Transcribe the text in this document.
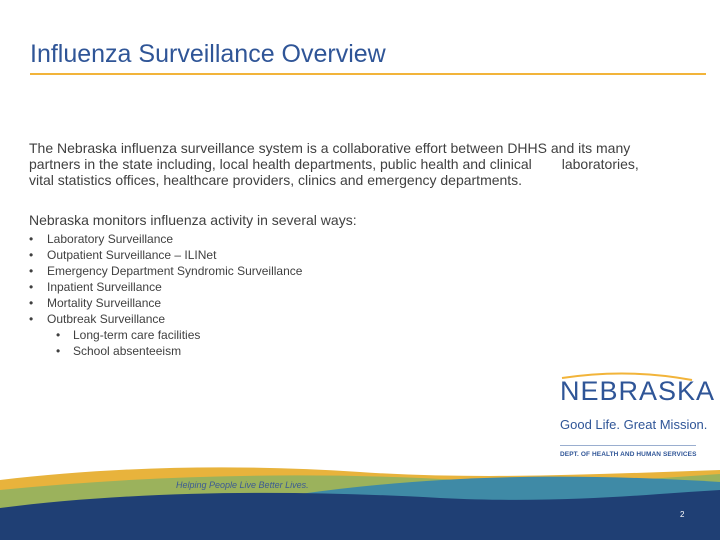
Influenza Surveillance Overview
The Nebraska influenza surveillance system is a collaborative effort between DHHS and its many
partners in the state including, local health departments, public health and clinical laboratories,
vital statistics offices, healthcare providers, clinics and emergency departments.
Nebraska monitors influenza activity in several ways:
•	Laboratory Surveillance
•	Outpatient Surveillance – ILINet
•	Emergency Department Syndromic Surveillance
•	Inpatient Surveillance
•	Mortality Surveillance
•	Outbreak Surveillance
•	Long-term care facilities
•	School absenteeism
NEBRASKA
Good Life. Great Mission.
DEPT. OF HEALTH AND HUMAN SERVICES
Helping People Live Better Lives.
2
